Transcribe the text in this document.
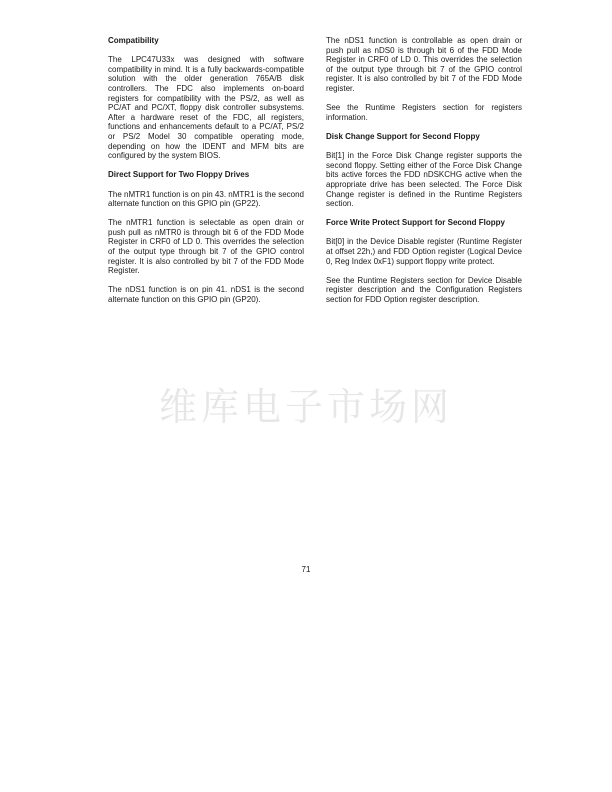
Compatibility

The LPC47U33x was designed with software compatibility in mind. It is a fully backwards-compatible solution with the older generation 765A/B disk controllers. The FDC also implements on-board registers for compatibility with the PS/2, as well as PC/AT and PC/XT, floppy disk controller subsystems. After a hardware reset of the FDC, all registers, functions and enhancements default to a PC/AT, PS/2 or PS/2 Model 30 compatible operating mode, depending on how the IDENT and MFM bits are configured by the system BIOS.

Direct Support for Two Floppy Drives

The nMTR1 function is on pin 43. nMTR1 is the second alternate function on this GPIO pin (GP22).

The nMTR1 function is selectable as open drain or push pull as nMTR0 is through bit 6 of the FDD Mode Register in CRF0 of LD 0. This overrides the selection of the output type through bit 7 of the GPIO control register. It is also controlled by bit 7 of the FDD Mode Register.

The nDS1 function is on pin 41. nDS1 is the second alternate function on this GPIO pin (GP20).

The nDS1 function is controllable as open drain or push pull as nDS0 is through bit 6 of the FDD Mode Register in CRF0 of LD 0. This overrides the selection of the output type through bit 7 of the GPIO control register. It is also controlled by bit 7 of the FDD Mode register.

See the Runtime Registers section for registers information.

Disk Change Support for Second Floppy

Bit[1] in the Force Disk Change register supports the second floppy. Setting either of the Force Disk Change bits active forces the FDD nDSKCHG active when the appropriate drive has been selected. The Force Disk Change register is defined in the Runtime Registers section.

Force Write Protect Support for Second Floppy

Bit[0] in the Device Disable register (Runtime Register at offset 22h,) and FDD Option register (Logical Device 0, Reg Index 0xF1) support floppy write protect.

See the Runtime Registers section for Device Disable register description and the Configuration Registers section for FDD Option register description.

维库电子市场网
71
